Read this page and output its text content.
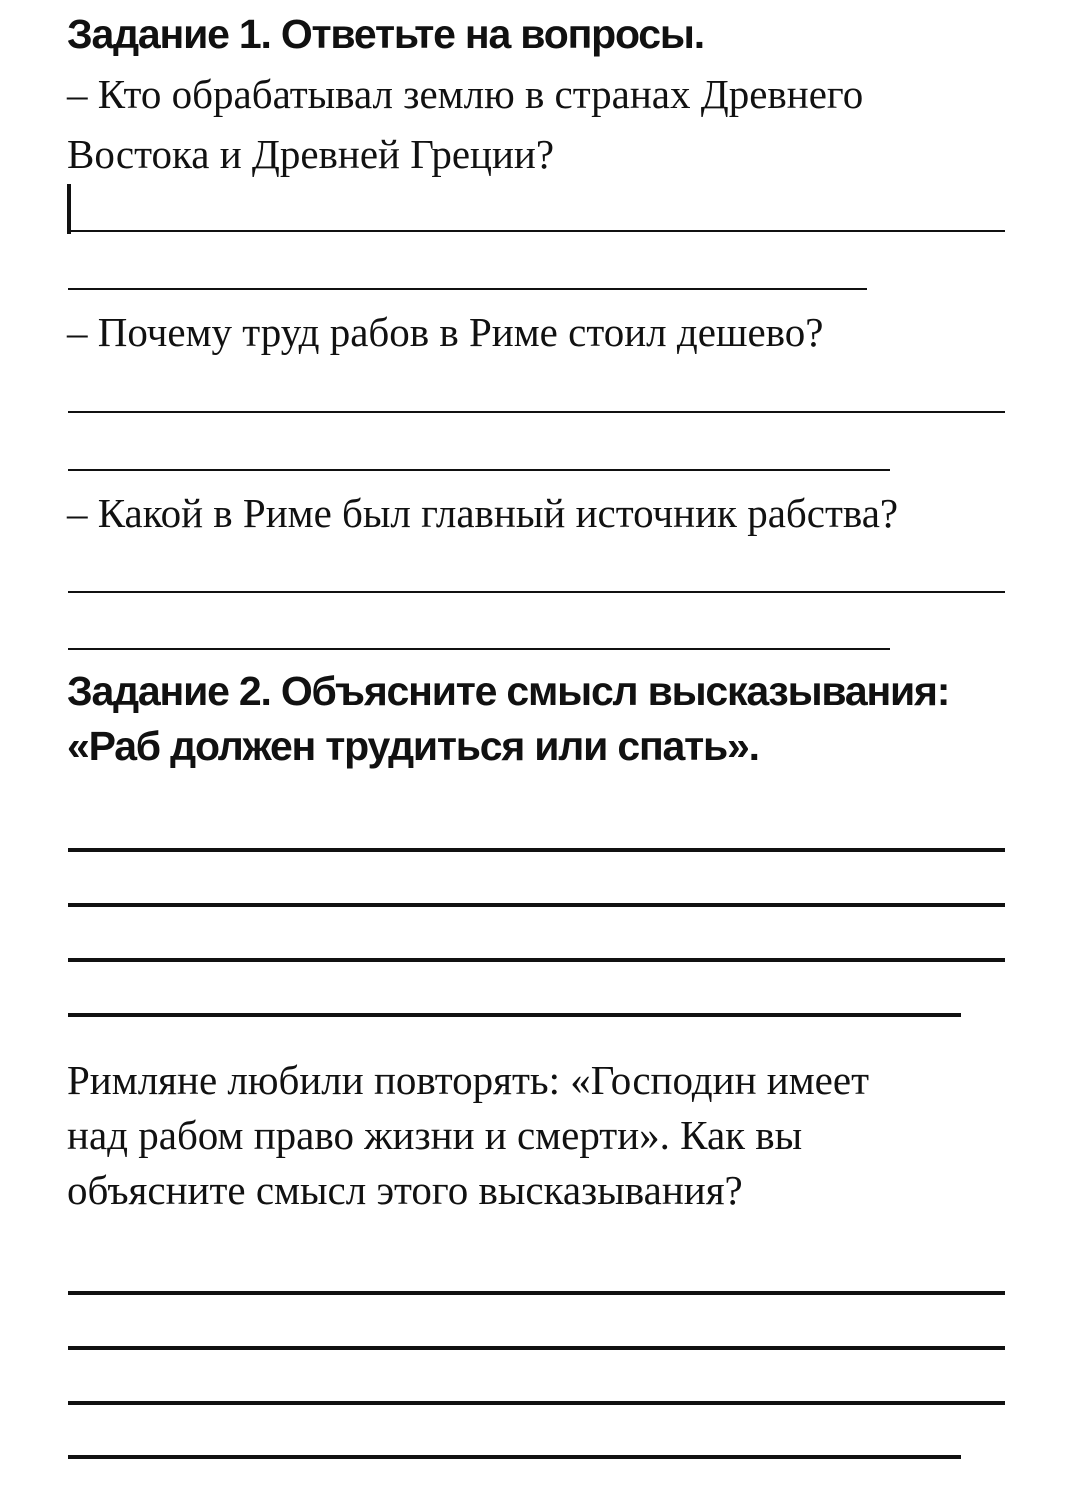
Задание 1. Ответьте на вопросы.

– Кто обрабатывал землю в странах Древнего

Востока и Древней Греции?

– Почему труд рабов в Риме стоил дешево?

– Какой в Риме был главный источник рабства?

Задание 2. Объясните смысл высказывания:

«Раб должен трудиться или спать».

Римляне любили повторять: «Господин имеет

над рабом право жизни и смерти». Как вы

объясните смысл этого высказывания?
